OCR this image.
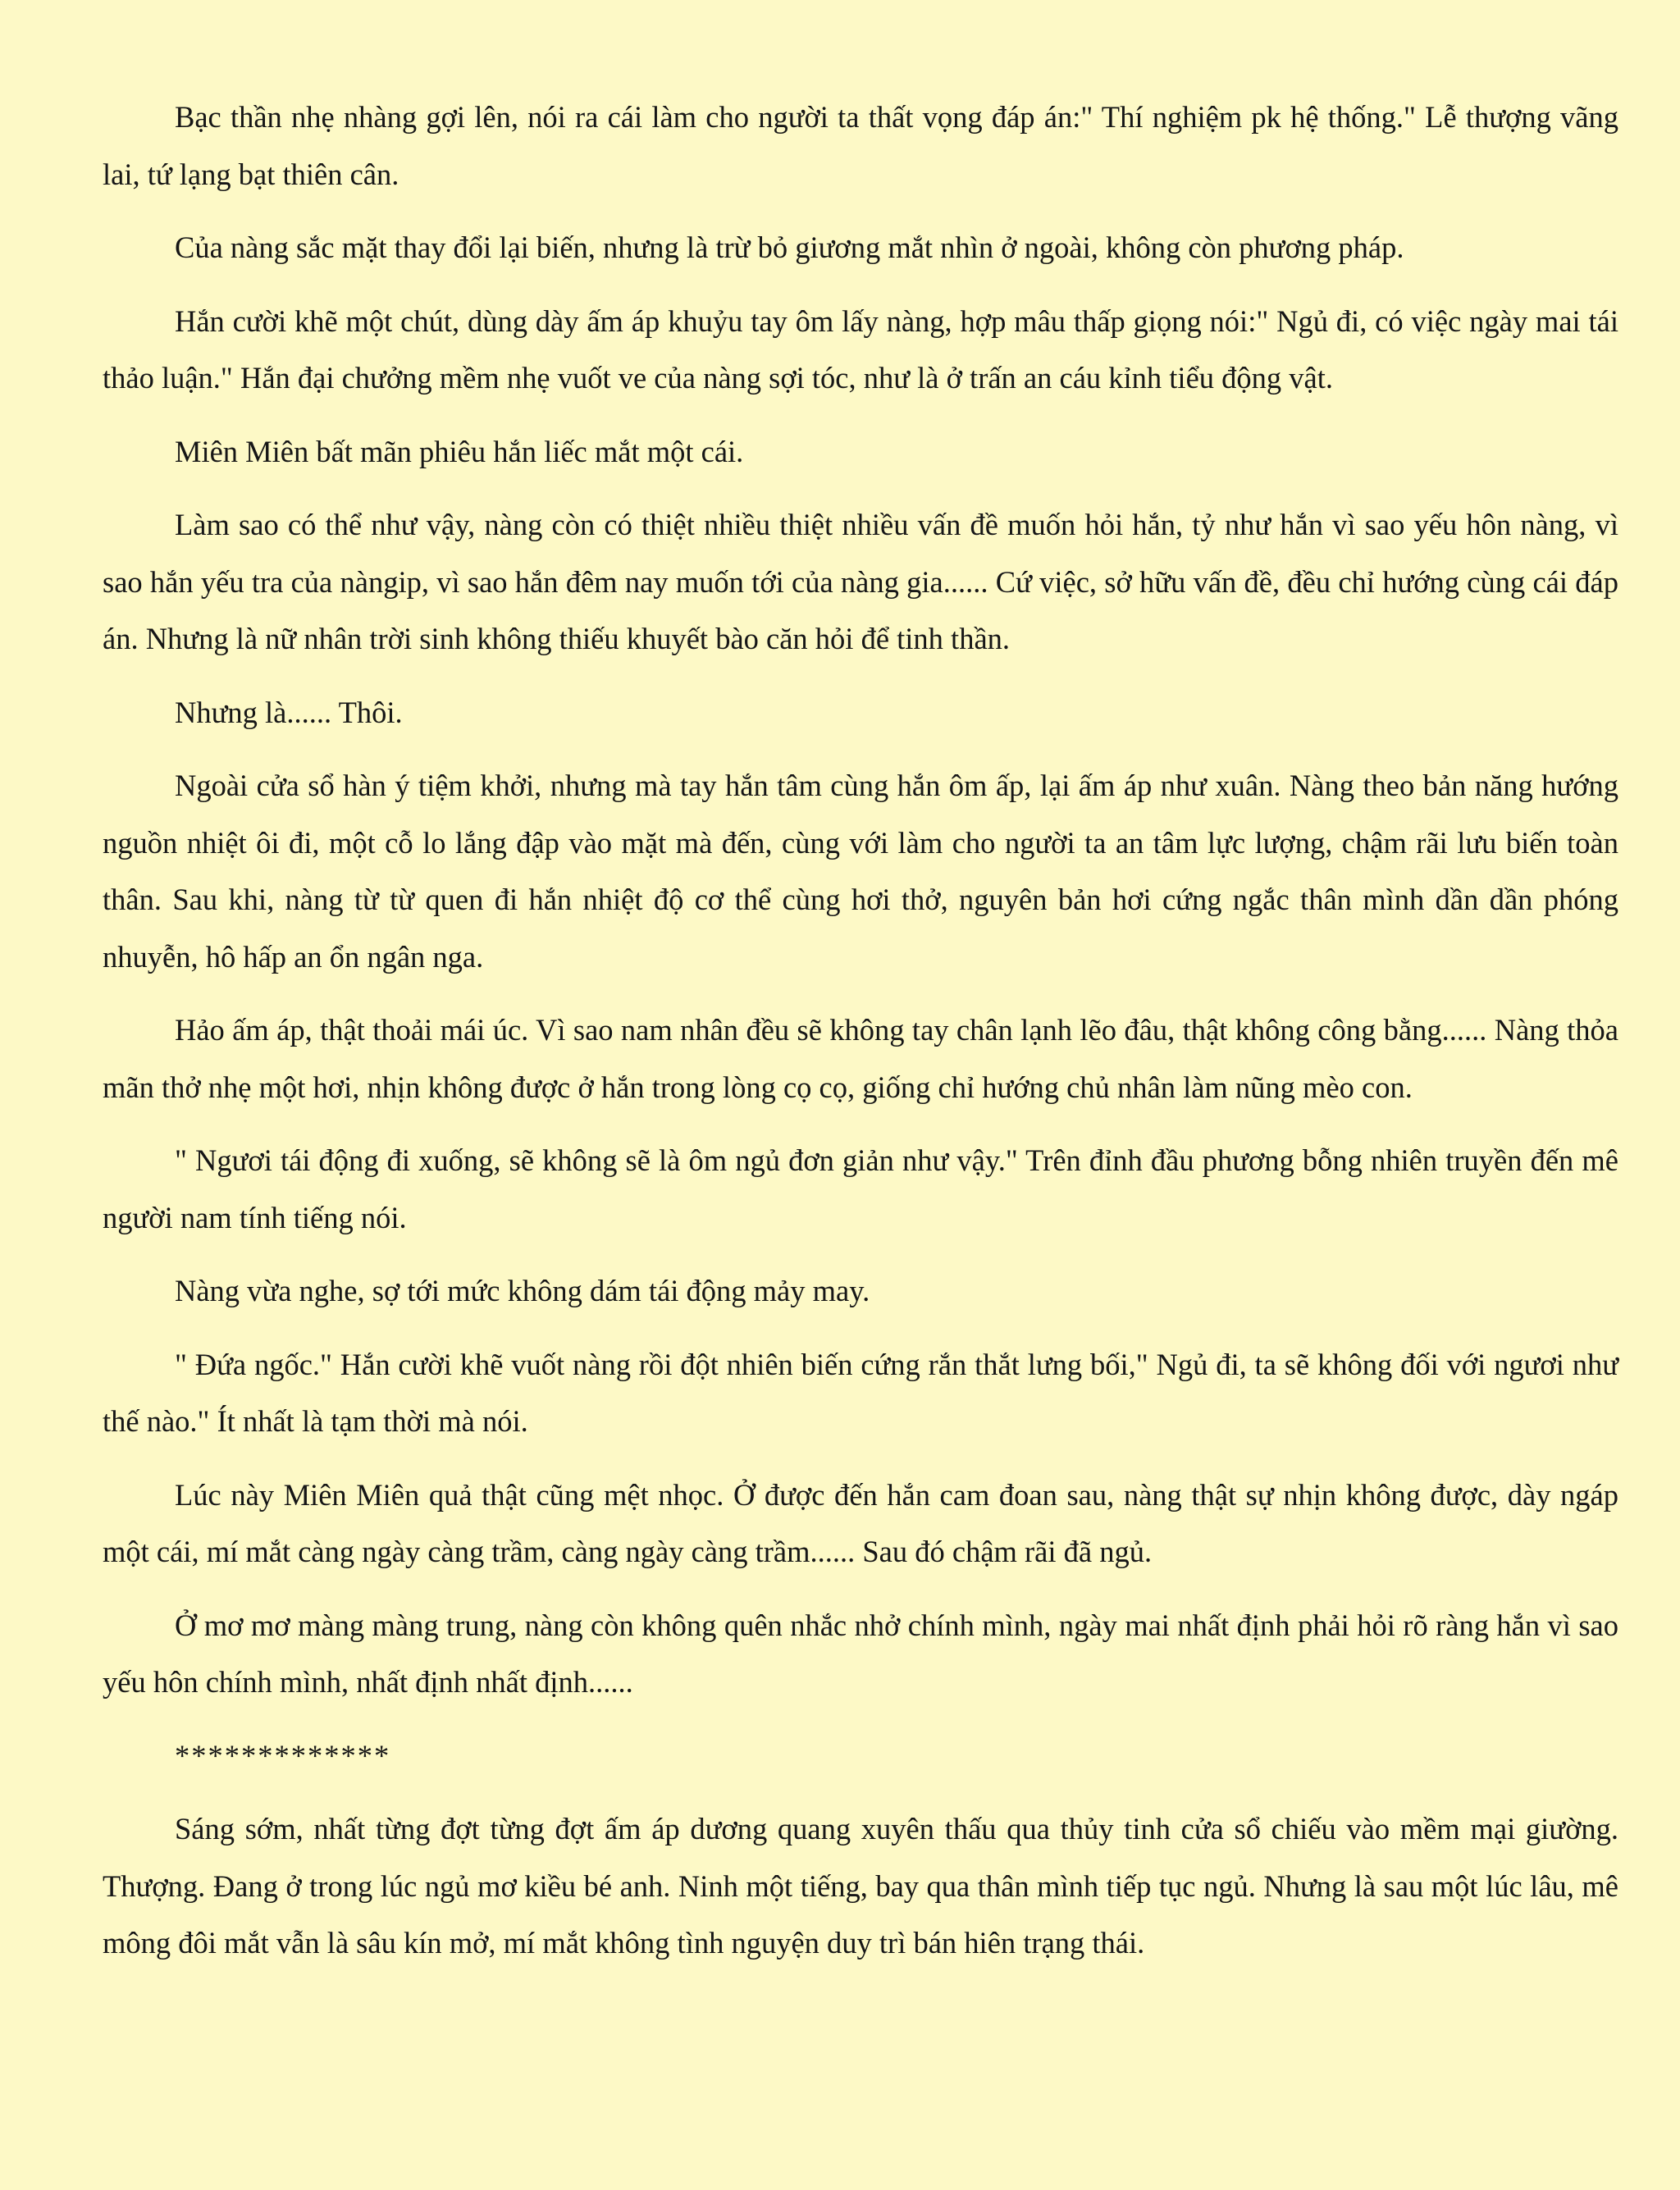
Bạc thần nhẹ nhàng gợi lên, nói ra cái làm cho người ta thất vọng đáp án:" Thí nghiệm pk hệ thống." Lễ thượng vãng lai, tứ lạng bạt thiên cân.

Của nàng sắc mặt thay đổi lại biến, nhưng là trừ bỏ giương mắt nhìn ở ngoài, không còn phương pháp.

Hắn cười khẽ một chút, dùng dày ấm áp khuỷu tay ôm lấy nàng, hợp mâu thấp giọng nói:" Ngủ đi, có việc ngày mai tái thảo luận." Hắn đại chưởng mềm nhẹ vuốt ve của nàng sợi tóc, như là ở trấn an cáu kỉnh tiểu động vật.

Miên Miên bất mãn phiêu hắn liếc mắt một cái.

Làm sao có thể như vậy, nàng còn có thiệt nhiều thiệt nhiều vấn đề muốn hỏi hắn, tỷ như hắn vì sao yếu hôn nàng, vì sao hắn yếu tra của nàngip, vì sao hắn đêm nay muốn tới của nàng gia...... Cứ việc, sở hữu vấn đề, đều chỉ hướng cùng cái đáp án. Nhưng là nữ nhân trời sinh không thiếu khuyết bào căn hỏi để tinh thần.

Nhưng là...... Thôi.

Ngoài cửa sổ hàn ý tiệm khởi, nhưng mà tay hắn tâm cùng hắn ôm ấp, lại ấm áp như xuân. Nàng theo bản năng hướng nguồn nhiệt ôi đi, một cỗ lo lắng đập vào mặt mà đến, cùng với làm cho người ta an tâm lực lượng, chậm rãi lưu biến toàn thân. Sau khi, nàng từ từ quen đi hắn nhiệt độ cơ thể cùng hơi thở, nguyên bản hơi cứng ngắc thân mình dần dần phóng nhuyễn, hô hấp an ổn ngân nga.

Hảo ấm áp, thật thoải mái úc. Vì sao nam nhân đều sẽ không tay chân lạnh lẽo đâu, thật không công bằng...... Nàng thỏa mãn thở nhẹ một hơi, nhịn không được ở hắn trong lòng cọ cọ, giống chỉ hướng chủ nhân làm nũng mèo con.

" Ngươi tái động đi xuống, sẽ không sẽ là ôm ngủ đơn giản như vậy." Trên đỉnh đầu phương bỗng nhiên truyền đến mê người nam tính tiếng nói.

Nàng vừa nghe, sợ tới mức không dám tái động mảy may.

" Đứa ngốc." Hắn cười khẽ vuốt nàng rồi đột nhiên biến cứng rắn thắt lưng bối," Ngủ đi, ta sẽ không đối với ngươi như thế nào." Ít nhất là tạm thời mà nói.

Lúc này Miên Miên quả thật cũng mệt nhọc. Ở được đến hắn cam đoan sau, nàng thật sự nhịn không được, dày ngáp một cái, mí mắt càng ngày càng trầm, càng ngày càng trầm...... Sau đó chậm rãi đã ngủ.

Ở mơ mơ màng màng trung, nàng còn không quên nhắc nhở chính mình, ngày mai nhất định phải hỏi rõ ràng hắn vì sao yếu hôn chính mình, nhất định nhất định......

*************

Sáng sớm, nhất từng đợt từng đợt ấm áp dương quang xuyên thấu qua thủy tinh cửa sổ chiếu vào mềm mại giường. Thượng. Đang ở trong lúc ngủ mơ kiều bé anh. Ninh một tiếng, bay qua thân mình tiếp tục ngủ. Nhưng là sau một lúc lâu, mê mông đôi mắt vẫn là sâu kín mở, mí mắt không tình nguyện duy trì bán hiên trạng thái.
